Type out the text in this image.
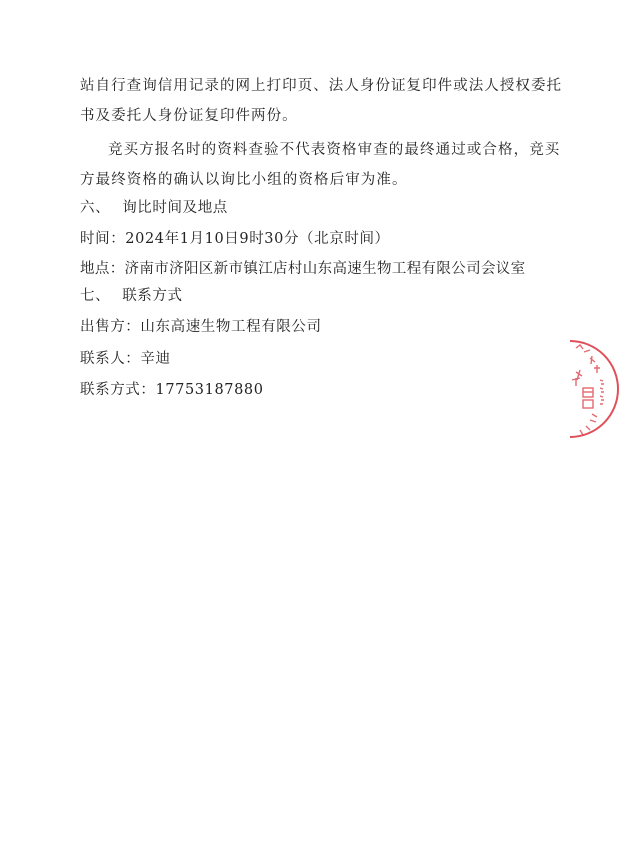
站自行查询信用记录的网上打印页、法人身份证复印件或法人授权委托
书及委托人身份证复印件两份。
竞买方报名时的资料查验不代表资格审查的最终通过或合格，竞买
方最终资格的确认以询比小组的资格后审为准。
六、 询比时间及地点
时间：2024年1月10日9时30分（北京时间）
地点：济南市济阳区新市镇江店村山东高速生物工程有限公司会议室
七、 联系方式
出售方：山东高速生物工程有限公司
联系人：辛迪
联系方式：17753187880
